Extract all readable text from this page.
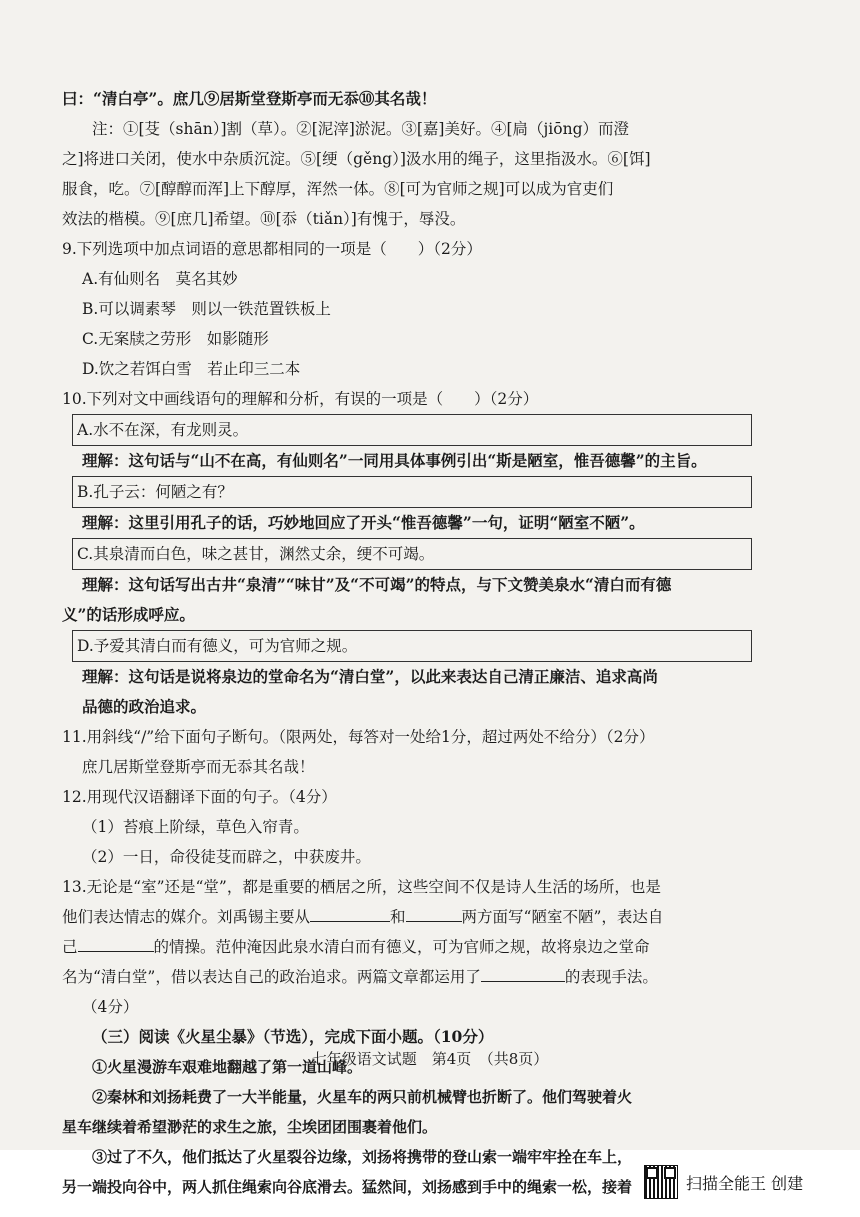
曰：“清白亭”。庶几⑨居斯堂登斯亭而无忝⑩其名哉！
注：①[芟（shān）]割（草）。②[泥滓]淤泥。③[嘉]美好。④[扃（jiōng）而澄
之]将进口关闭，使水中杂质沉淀。⑤[绠（gěng）]汲水用的绳子，这里指汲水。⑥[饵]
服食，吃。⑦[醇醇而浑]上下醇厚，浑然一体。⑧[可为官师之规]可以成为官吏们
效法的楷模。⑨[庶几]希望。⑩[忝（tiǎn）]有愧于，辱没。
9.下列选项中加点词语的意思都相同的一项是（　　）（2分）
A.有仙则名　莫名其妙
B.可以调素琴　则以一铁范置铁板上
C.无案牍之劳形　如影随形
D.饮之若饵白雪　若止印三二本
10.下列对文中画线语句的理解和分析，有误的一项是（　　）（2分）
A.水不在深，有龙则灵。
理解：这句话与“山不在高，有仙则名”一同用具体事例引出“斯是陋室，惟吾德馨”的主旨。
B.孔子云：何陋之有？
理解：这里引用孔子的话，巧妙地回应了开头“惟吾德馨”一句，证明“陋室不陋”。
C.其泉清而白色，味之甚甘，渊然丈余，绠不可竭。
理解：这句话写出古井“泉清”“味甘”及“不可竭”的特点，与下文赞美泉水“清白而有德
义”的话形成呼应。
D.予爱其清白而有德义，可为官师之规。
理解：这句话是说将泉边的堂命名为“清白堂”，以此来表达自己清正廉洁、追求高尚
品德的政治追求。
11.用斜线“/”给下面句子断句。（限两处，每答对一处给1分，超过两处不给分）（2分）
庶几居斯堂登斯亭而无忝其名哉！
12.用现代汉语翻译下面的句子。（4分）
（1）苔痕上阶绿，草色入帘青。
（2）一日，命役徒芟而辟之，中获废井。
13.无论是“室”还是“堂”，都是重要的栖居之所，这些空间不仅是诗人生活的场所，也是
他们表达情志的媒介。刘禹锡主要从	和	两方面写“陋室不陋”，表达自
己	的情操。范仲淹因此泉水清白而有德义，可为官师之规，故将泉边之堂命
名为“清白堂”，借以表达自己的政治追求。两篇文章都运用了	的表现手法。
（4分）
（三）阅读《火星尘暴》（节选），完成下面小题。（10分）
①火星漫游车艰难地翻越了第一道山峰。
②秦林和刘扬耗费了一大半能量，火星车的两只前机械臂也折断了。他们驾驶着火
星车继续着希望渺茫的求生之旅，尘埃团团围裹着他们。
③过了不久，他们抵达了火星裂谷边缘，刘扬将携带的登山索一端牢牢拴在车上，
另一端投向谷中，两人抓住绳索向谷底滑去。猛然间，刘扬感到手中的绳索一松，接着
七年级语文试题　第4页　（共8页）
扫描全能王 创建
